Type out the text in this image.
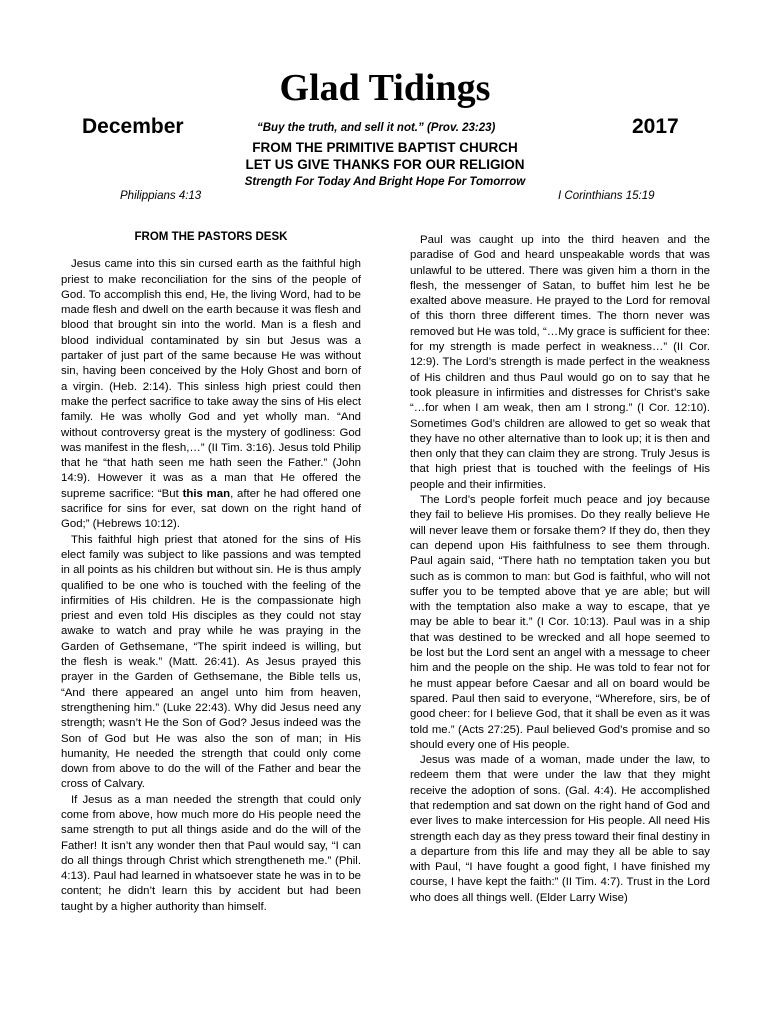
Glad Tidings
December	“Buy the truth, and sell it not.” (Prov. 23:23)	2017
FROM THE PRIMITIVE BAPTIST CHURCH
LET US GIVE THANKS FOR OUR RELIGION
Strength For Today And Bright Hope For Tomorrow
Philippians 4:13	I Corinthians 15:19
FROM THE PASTORS DESK

Jesus came into this sin cursed earth as the faithful high priest to make reconciliation for the sins of the people of God. To accomplish this end, He, the living Word, had to be made flesh and dwell on the earth because it was flesh and blood that brought sin into the world. Man is a flesh and blood individual contaminated by sin but Jesus was a partaker of just part of the same because He was without sin, having been conceived by the Holy Ghost and born of a virgin. (Heb. 2:14). This sinless high priest could then make the perfect sacrifice to take away the sins of His elect family. He was wholly God and yet wholly man. “And without controversy great is the mystery of godliness: God was manifest in the flesh,…” (II Tim. 3:16). Jesus told Philip that he “that hath seen me hath seen the Father.” (John 14:9). However it was as a man that He offered the supreme sacrifice: “But this man, after he had offered one sacrifice for sins for ever, sat down on the right hand of God;” (Hebrews 10:12).

This faithful high priest that atoned for the sins of His elect family was subject to like passions and was tempted in all points as his children but without sin. He is thus amply qualified to be one who is touched with the feeling of the infirmities of His children. He is the compassionate high priest and even told His disciples as they could not stay awake to watch and pray while he was praying in the Garden of Gethsemane, “The spirit indeed is willing, but the flesh is weak.” (Matt. 26:41). As Jesus prayed this prayer in the Garden of Gethsemane, the Bible tells us, “And there appeared an angel unto him from heaven, strengthening him.” (Luke 22:43). Why did Jesus need any strength; wasn’t He the Son of God? Jesus indeed was the Son of God but He was also the son of man; in His humanity, He needed the strength that could only come down from above to do the will of the Father and bear the cross of Calvary.

If Jesus as a man needed the strength that could only come from above, how much more do His people need the same strength to put all things aside and do the will of the Father! It isn’t any wonder then that Paul would say, “I can do all things through Christ which strengtheneth me.” (Phil. 4:13). Paul had learned in whatsoever state he was in to be content; he didn’t learn this by accident but had been taught by a higher authority than himself.

Paul was caught up into the third heaven and the paradise of God and heard unspeakable words that was unlawful to be uttered. There was given him a thorn in the flesh, the messenger of Satan, to buffet him lest he be exalted above measure. He prayed to the Lord for removal of this thorn three different times. The thorn never was removed but He was told, “…My grace is sufficient for thee: for my strength is made perfect in weakness…” (II Cor. 12:9). The Lord’s strength is made perfect in the weakness of His children and thus Paul would go on to say that he took pleasure in infirmities and distresses for Christ’s sake “…for when I am weak, then am I strong.” (I Cor. 12:10). Sometimes God’s children are allowed to get so weak that they have no other alternative than to look up; it is then and then only that they can claim they are strong. Truly Jesus is that high priest that is touched with the feelings of His people and their infirmities.

The Lord’s people forfeit much peace and joy because they fail to believe His promises. Do they really believe He will never leave them or forsake them? If they do, then they can depend upon His faithfulness to see them through. Paul again said, “There hath no temptation taken you but such as is common to man: but God is faithful, who will not suffer you to be tempted above that ye are able; but will with the temptation also make a way to escape, that ye may be able to bear it.” (I Cor. 10:13). Paul was in a ship that was destined to be wrecked and all hope seemed to be lost but the Lord sent an angel with a message to cheer him and the people on the ship. He was told to fear not for he must appear before Caesar and all on board would be spared. Paul then said to everyone, “Wherefore, sirs, be of good cheer: for I believe God, that it shall be even as it was told me.” (Acts 27:25). Paul believed God’s promise and so should every one of His people.

Jesus was made of a woman, made under the law, to redeem them that were under the law that they might receive the adoption of sons. (Gal. 4:4). He accomplished that redemption and sat down on the right hand of God and ever lives to make intercession for His people. All need His strength each day as they press toward their final destiny in a departure from this life and may they all be able to say with Paul, “I have fought a good fight, I have finished my course, I have kept the faith:” (II Tim. 4:7). Trust in the Lord who does all things well. (Elder Larry Wise)
